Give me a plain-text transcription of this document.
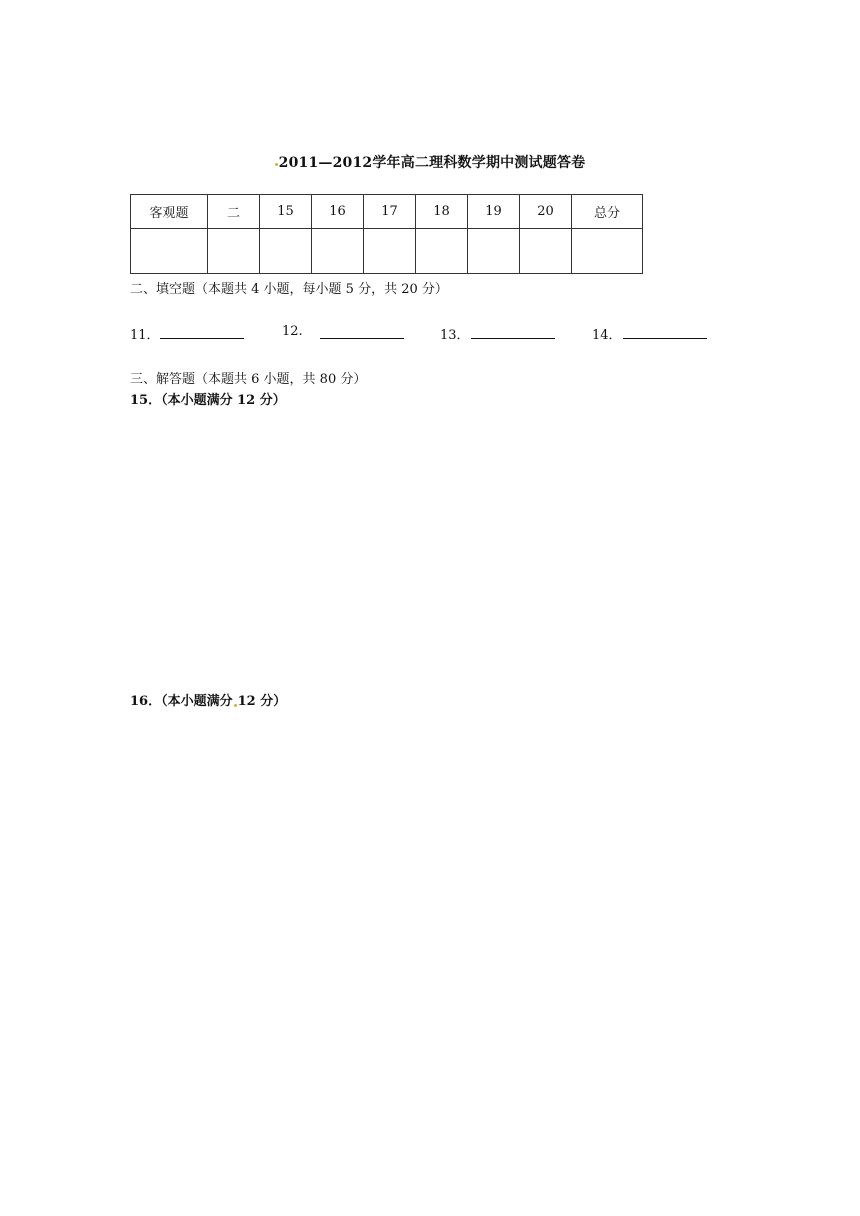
2011—2012学年高二理科数学期中测试题答卷
客观题	二	15	16	17	18	19	20	总分

二、填空题（本题共 4 小题，每小题 5 分，共 20 分）
11．	12.	13．	14．
三、解答题（本题共 6 小题，共 80 分）
15．（本小题满分 12 分）
16．（本小题满分 12 分）
